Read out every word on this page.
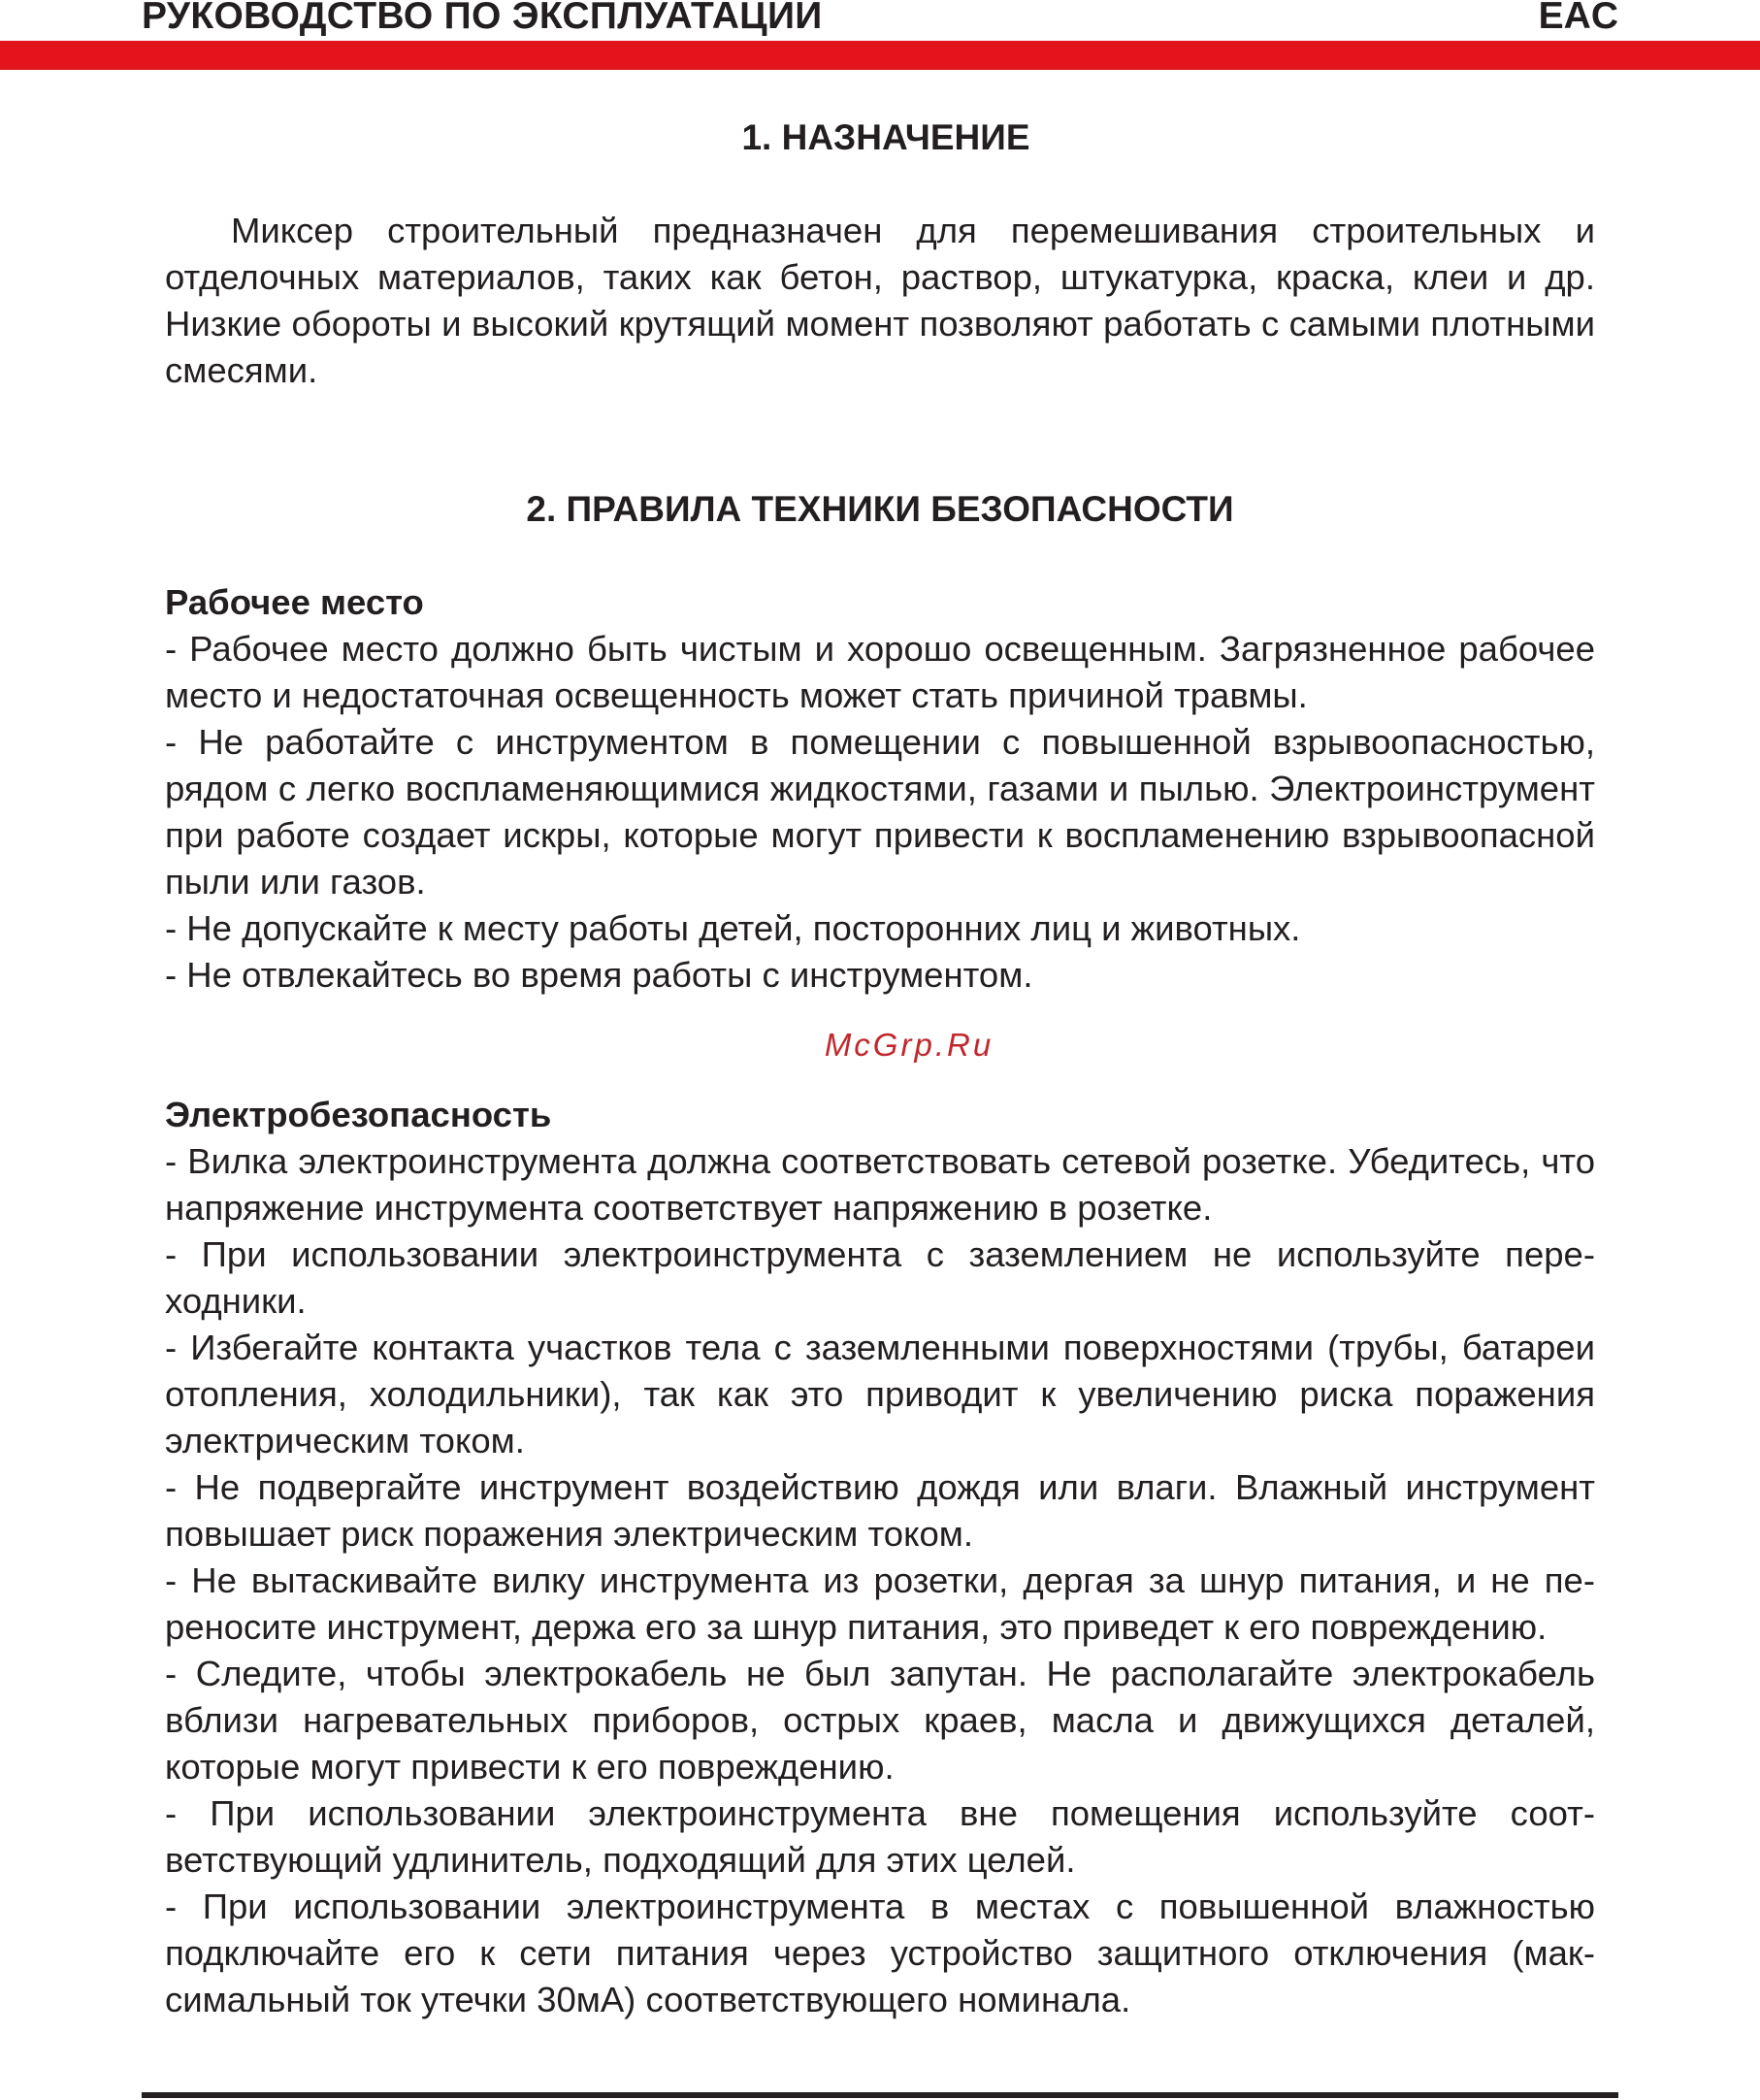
РУКОВОДСТВО ПО ЭКСПЛУАТАЦИИ	EAC
1. НАЗНАЧЕНИЕ

Миксер строительный предназначен для перемешивания строительных и отделочных материалов, таких как бетон, раствор, штукатурка, краска, клеи и др. Низкие обороты и высокий крутящий момент позволяют работать с самыми плотными смесями.

2. ПРАВИЛА ТЕХНИКИ БЕЗОПАСНОСТИ
Рабочее место

- Рабочее место должно быть чистым и хорошо освещенным. Загрязненное рабочее место и недостаточная освещенность может стать причиной травмы.

- Не работайте с инструментом в помещении с повышенной взрывоопасностью, рядом с легко воспламеняющимися жидкостями, газами и пылью. Электроинструмент при работе создает искры, которые могут привести к воспламенению взрывоопасной пыли или газов.

- Не допускайте к месту работы детей, посторонних лиц и животных.

- Не отвлекайтесь во время работы с инструментом.

McGrp.Ru
Электробезопасность

- Вилка электроинструмента должна соответствовать сетевой розетке. Убедитесь, что напряжение инструмента соответствует напряжению в розетке.

- При использовании электроинструмента с заземлением не используйте переходники.

- Избегайте контакта участков тела с заземленными поверхностями (трубы, батареи отопления, холодильники), так как это приводит к увеличению риска поражения электрическим током.

- Не подвергайте инструмент воздействию дождя или влаги. Влажный инструмент повышает риск поражения электрическим током.

- Не вытаскивайте вилку инструмента из розетки, дергая за шнур питания, и не переносите инструмент, держа его за шнур питания, это приведет к его повреждению.

- Следите, чтобы электрокабель не был запутан. Не располагайте электрокабель вблизи нагревательных приборов, острых краев, масла и движущихся деталей, которые могут привести к его повреждению.

- При использовании электроинструмента вне помещения используйте соответствующий удлинитель, подходящий для этих целей.

- При использовании электроинструмента в местах с повышенной влажностью подключайте его к сети питания через устройство защитного отключения (максимальный ток утечки 30мА) соответствующего номинала.
